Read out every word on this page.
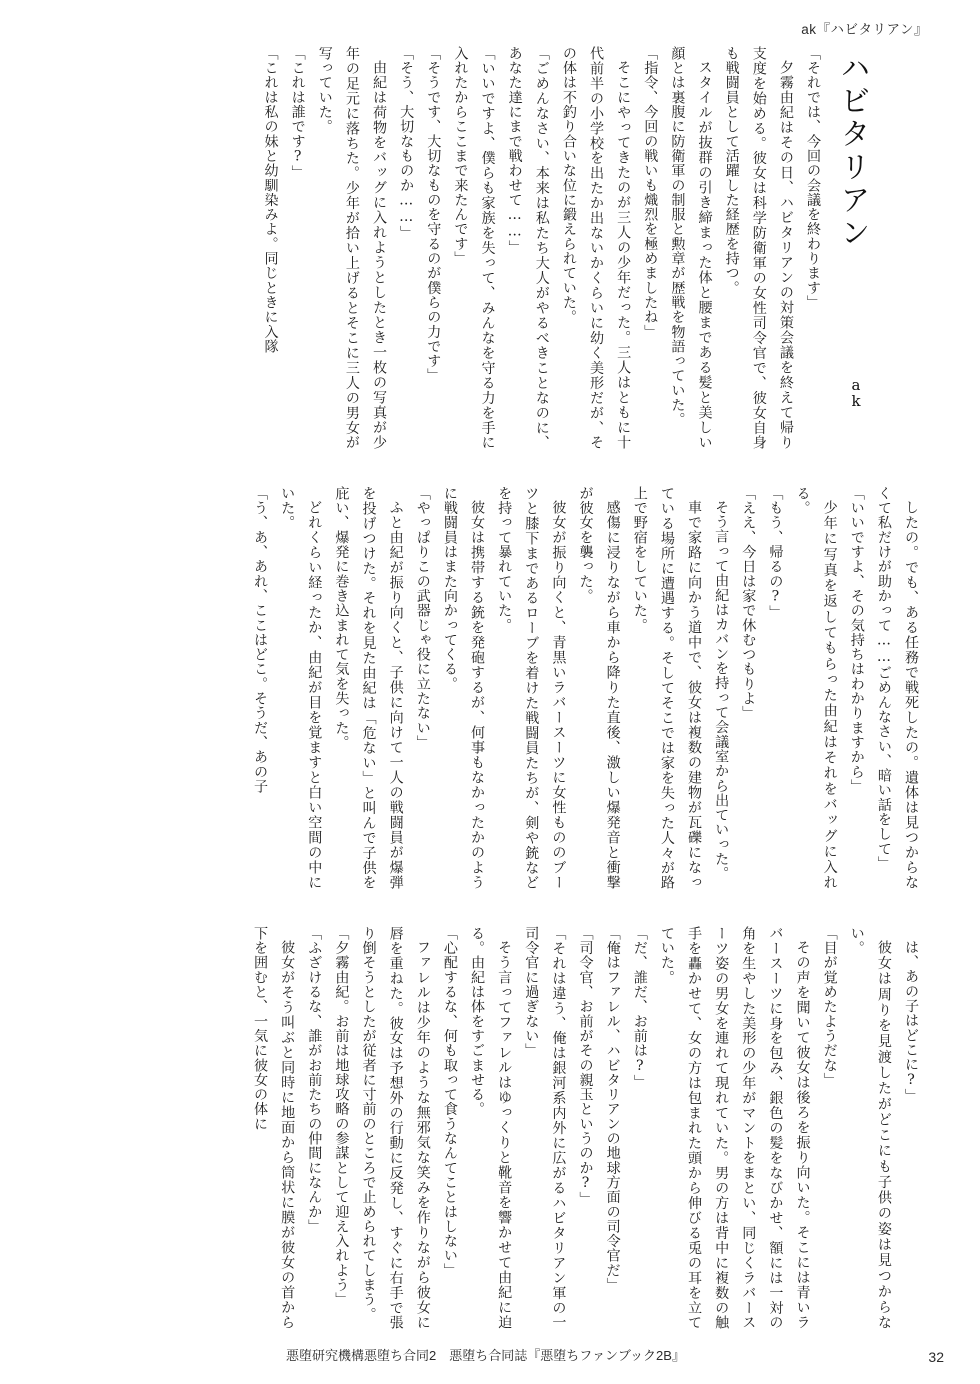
ak『ハビタリアン』
ハビタリアン
a
k

「それでは、今回の会議を終わります」

夕霧由紀はその日、ハビタリアンの対策会議を終えて帰り支度を始める。彼女は科学防衛軍の女性司令官で、彼女自身も戦闘員として活躍した経歴を持つ。

スタイルが抜群の引き締まった体と腰まである髪と美しい顔とは裏腹に防衛軍の制服と勲章が歴戦を物語っていた。

「指令、今回の戦いも熾烈を極めましたね」

そこにやってきたのが三人の少年だった。三人はともに十代前半の小学校を出たか出ないかくらいに幼く美形だが、その体は不釣り合いな位に鍛えられていた。

「ごめんなさい、本来は私たち大人がやるべきことなのに、あなた達にまで戦わせて……」

「いいですよ、僕らも家族を失って、みんなを守る力を手に入れたからここまで来たんです」

「そうです、大切なものを守るのが僕らの力です」

「そう、大切なものか……」

由紀は荷物をバッグに入れようとしたとき一枚の写真が少年の足元に落ちた。少年が拾い上げるとそこに三人の男女が写っていた。

「これは誰です?」

「これは私の妹と幼馴染みよ。同じときに入隊

したの。でも、ある任務で戦死したの。遺体は見つからなくて私だけが助かって……ごめんなさい、暗い話をして」

「いいですよ、その気持ちはわかりますから」

少年に写真を返してもらった由紀はそれをバッグに入れる。

「もう、帰るの?」

「ええ、今日は家で休むつもりよ」

そう言って由紀はカバンを持って会議室から出ていった。

車で家路に向かう道中で、彼女は複数の建物が瓦礫になっている場所に遭遇する。そしてそこでは家を失った人々が路上で野宿をしていた。

感傷に浸りながら車から降りた直後、激しい爆発音と衝撃が彼女を襲った。

彼女が振り向くと、青黒いラバースーツに女性もののブーツと膝下まであるローブを着けた戦闘員たちが、剣や銃などを持って暴れていた。

彼女は携帯する銃を発砲するが、何事もなかったかのように戦闘員はまた向かってくる。

「やっぱりこの武器じゃ役に立たない」

ふと由紀が振り向くと、子供に向けて一人の戦闘員が爆弾を投げつけた。それを見た由紀は「危ない」と叫んで子供を庇い、爆発に巻き込まれて気を失った。

どれくらい経ったか、由紀が目を覚ますと白い空間の中にいた。

「う、あ、あれ、ここはどこ。そうだ、あの子

は、あの子はどこに?」

彼女は周りを見渡したがどこにも子供の姿は見つからない。

「目が覚めたようだな」

その声を聞いて彼女は後ろを振り向いた。そこには青いラバースーツに身を包み、銀色の髪をなびかせ、額には一対の角を生やした美形の少年がマントをまとい、同じくラバースーツ姿の男女を連れて現れていた。男の方は背中に複数の触手を轟かせて、女の方は包まれた頭から伸びる兎の耳を立てていた。

「だ、誰だ、お前は?」

「俺はファレル、ハビタリアンの地球方面の司令官だ」

「司令官、お前がその親玉というのか?」

「それは違う、俺は銀河系内外に広がるハビタリアン軍の一司令官に過ぎない」

そう言ってファレルはゆっくりと靴音を響かせて由紀に迫る。由紀は体をすごませる。

「心配するな、何も取って食うなんてことはしない」

ファレルは少年のような無邪気な笑みを作りながら彼女に唇を重ねた。彼女は予想外の行動に反発し、すぐに右手で張り倒そうとしたが従者に寸前のところで止められてしまう。

「夕霧由紀。お前は地球攻略の参謀として迎え入れよう」

「ふざけるな、誰がお前たちの仲間になんか」

彼女がそう叫ぶと同時に地面から筒状に膜が彼女の首から下を囲むと、一気に彼女の体に

悪堕研究機構悪堕ち合同2　悪堕ち合同誌『悪堕ちファンブック2B』	32
